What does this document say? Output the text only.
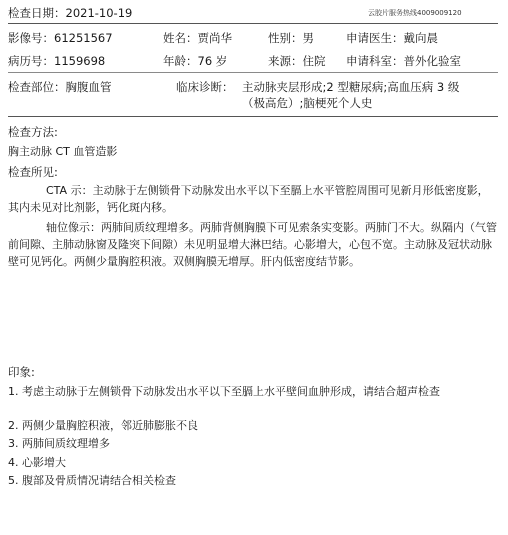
检查日期：2021-10-19	云胶片服务热线4009009120
影像号：61251567	姓名：贾尚华	性别：男	申请医生：戴向晨
病历号：1159698	年龄：76 岁	来源：住院 申请科室：普外化验室
检查部位：胸腹血管	临床诊断： 主动脉夹层形成;2 型糖尿病;高血压病 3 级
（极高危）;脑梗死个人史
检查方法:
胸主动脉 CT 血管造影
检查所见:
CTA 示：主动脉于左侧锁骨下动脉发出水平以下至膈上水平管腔周围可见新月形低密度影，其内未见对比剂影，钙化斑内移。
轴位像示：两肺间质纹理增多。两肺背侧胸膜下可见索条实变影。两肺门不大。纵隔内（气管前间隙、主肺动脉窗及隆突下间隙）未见明显增大淋巴结。心影增大，心包不宽。主动脉及冠状动脉壁可见钙化。两侧少量胸腔积液。双侧胸膜无增厚。肝内低密度结节影。
印象:
1. 考虑主动脉于左侧锁骨下动脉发出水平以下至膈上水平壁间血肿形成，请结合超声检查
2. 两侧少量胸腔积液，邻近肺膨胀不良
3. 两肺间质纹理增多
4. 心影增大
5. 腹部及骨质情况请结合相关检查
